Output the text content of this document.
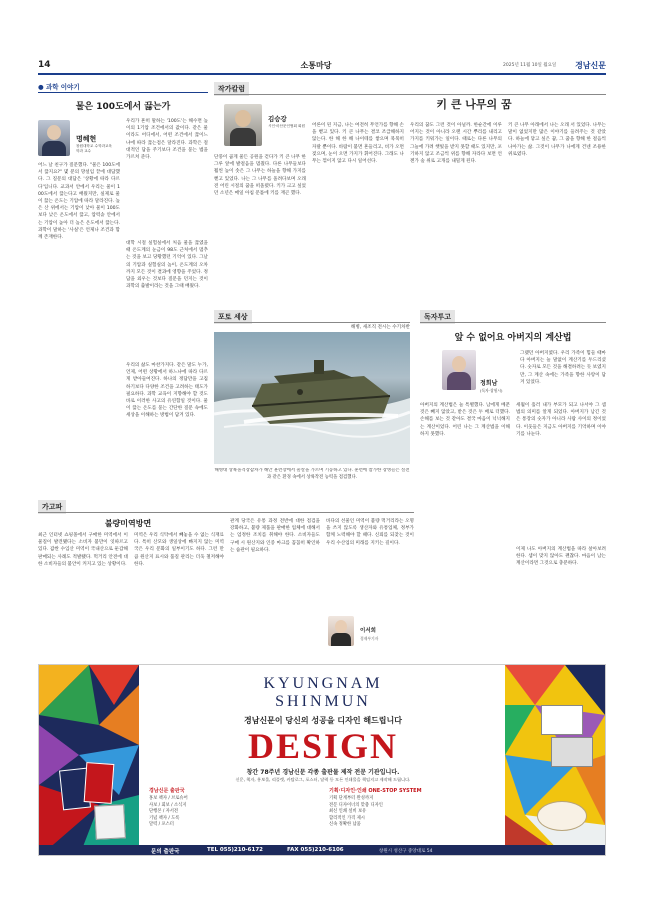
14	소통마당	2025년 11월 10일 월요일 경남신문
● 과학 이야기
물은 100도에서 끓는가
명혜현
창원대학교 수학과교육학과 교수
어느 날 친구가 질문했다. "물은 100도에서 끓지요?" 몇 분의 망설임 끝에 대답했다. 그 질문의 대답은 '상황에 따라 다르다'입니다. 교과서 안에서 우리는 물이 100도에서 끓는다고 배웠지만, 실제로 물이 끓는 온도는 기압에 따라 달라진다. 높은 산 위에서는 기압이 낮아 물이 100도보다 낮은 온도에서 끓고, 압력솥 안에서는 기압이 높아 더 높은 온도에서 끓는다. 과학이 말하는 '사실'은 언제나 조건과 함께 존재한다.
우리가 흔히 말하는 '100도'는 해수면 높이의 1기압 조건에서의 값이다. 같은 물이라도 어디에서, 어떤 조건에서 끓이느냐에 따라 끓는점은 달라진다. 과학은 절대적인 답을 주기보다 조건을 묻는 법을 가르쳐 준다.
대학 시절 실험실에서 처음 물을 끓였을 때 온도계의 눈금이 98도 근처에서 멈추는 것을 보고 당황했던 기억이 있다. 그날의 기압과 실험실의 높이, 온도계의 오차까지 모든 것이 결과에 영향을 주었다. 정답을 외우는 것보다 질문을 던지는 것이 과학의 출발이라는 것을 그때 배웠다.
우리의 삶도 마찬가지다. 같은 말도 누가, 언제, 어떤 상황에서 하느냐에 따라 다르게 받아들여진다. 하나의 정답만을 고집하기보다 다양한 조건을 고려하는 태도가 필요하다. 과학 교육이 지향해야 할 것도 바로 이러한 사고의 유연함일 것이다. 물이 끓는 온도를 묻는 간단한 질문 속에도 세상을 이해하는 방법이 담겨 있다.
작가칼럼
김승강
시인·마산문인협회 회원
키 큰 나무의 꿈
단풍이 곱게 물든 공원을 걷다가 키 큰 나무 한 그루 앞에 발걸음을 멈췄다. 다른 나무들보다 훨씬 높이 솟은 그 나무는 하늘을 향해 가지를 뻗고 있었다. 나는 그 나무를 올려다보며 오래전 어린 시절의 꿈을 떠올렸다. 키가 크고 싶었던 소년은 매일 아침 문틀에 키를 재곤 했다.
어른이 된 지금, 나는 여전히 무언가를 향해 손을 뻗고 있다. 키 큰 나무는 결코 조급해하지 않는다. 한 해 한 해 나이테를 쌓으며 묵묵히 자랄 뿐이다. 바람이 불면 흔들리고, 비가 오면 젖으며, 눈이 오면 가지가 휘어진다. 그래도 나무는 꺾이지 않고 다시 일어선다.
우리의 꿈도 그런 것이 아닐까. 한순간에 이루어지는 것이 아니라 오랜 시간 뿌리를 내리고 가지를 키워가는 일이다. 때로는 다른 나무의 그늘에 가려 햇빛을 받지 못할 때도 있지만, 포기하지 않고 조금씩 위를 향해 자라다 보면 언젠가 숲 위로 고개를 내밀게 된다.
키 큰 나무 아래에서 나는 오래 서 있었다. 나무는 말이 없었지만 많은 이야기를 들려주는 것 같았다. 하늘에 닿고 싶은 꿈, 그 꿈을 향해 한 걸음씩 나아가는 삶. 그것이 나무가 나에게 건넨 조용한 위로였다.
포토 세상
해병, 새조직 전시는 수기차반
해병대 상륙돌격장갑차가 해안 훈련장에서 물살을 가르며 기동하고 있다. 훈련에 참가한 장병들은 실전과 같은 환경 속에서 상륙작전 능력을 점검했다.
독자투고
앞 수 없어요 아버지의 계산법
정희남
(독자·창원시)
그랬던 아버지였다. 우리 가족이 힘들 때마다 아버지는 늘 말없이 계산기를 두드리셨다. 숫자로 모든 것을 해결하려는 듯 보였지만, 그 계산 속에는 가족을 향한 사랑이 담겨 있었다.
아버지의 계산법은 늘 특별했다. 남에게 베푼 것은 빼지 않았고, 받은 것은 두 배로 더했다. 손해를 보는 것 같아도 결국 마음이 넉넉해지는 계산이었다. 어린 나는 그 계산법을 이해하지 못했다.
세월이 흘러 내가 부모가 되고 나서야 그 셈법의 의미를 알게 되었다. 아버지가 남긴 것은 통장의 숫자가 아니라 사람 사이의 정이었다. 이웃들은 지금도 아버지를 기억하며 이야기를 나눈다.
이제 나도 아버지의 계산법을 따라 살아보려 한다. 셈이 맞지 않아도 괜찮다. 마음이 남는 계산이라면 그것으로 충분하다.
가고파
불량미역방면
최근 인터넷 쇼핑몰에서 구매한 미역에서 이물질이 발견됐다는 소비자 불만이 잇따르고 있다. 값싼 수입산 미역이 국내산으로 둔갑해 판매되는 사례도 적발됐다. 먹거리 안전에 대한 소비자들의 불안이 커지고 있는 상황이다.
미역은 우리 식탁에서 빼놓을 수 없는 식재료다. 특히 산모와 생일상에 빠지지 않는 미역국은 우리 문화의 일부이기도 하다. 그런 만큼 원산지 표시와 품질 관리는 더욱 철저해야 한다.
관계 당국은 유통 과정 전반에 대한 점검을 강화하고, 불량 제품을 판매한 업체에 대해서는 엄정한 조치를 취해야 한다. 소비자들도 구매 시 원산지와 인증 마크를 꼼꼼히 확인하는 습관이 필요하다.
바다의 선물인 미역이 불량 먹거리라는 오명을 쓰지 않도록 생산자와 유통업체, 정부가 함께 노력해야 할 때다. 신뢰를 되찾는 것이 우리 수산업의 미래를 지키는 길이다.
이서희
경제부기자
KYUNGNAM
SHINMUN
경남신문이 당신의 성공을 디자인 해드립니다
DESIGN
창간 78주년 경남신문 각종 출판물 제작 전문 기관입니다.
신문, 책자, 홍보물, 리플렛, 카탈로그, 포스터, 달력 등 모든 인쇄물을 책임지고 제작해 드립니다.
경남신문 출판국
홍보 책자 / 브로슈어
사보 / 회보 / 소식지
단행본 / 자서전
기념 책자 / 도록
달력 / 포스터
기획·디자인·인쇄 ONE-STOP SYSTEM
기획 단계부터 완성까지
전문 디자이너의 맞춤 디자인
최신 인쇄 설비 보유
합리적인 가격 제시
신속 정확한 납품
문의 출판국	TEL 055)210-6172	FAX 055)210-6106	창원시 성산구 중앙대로 54
